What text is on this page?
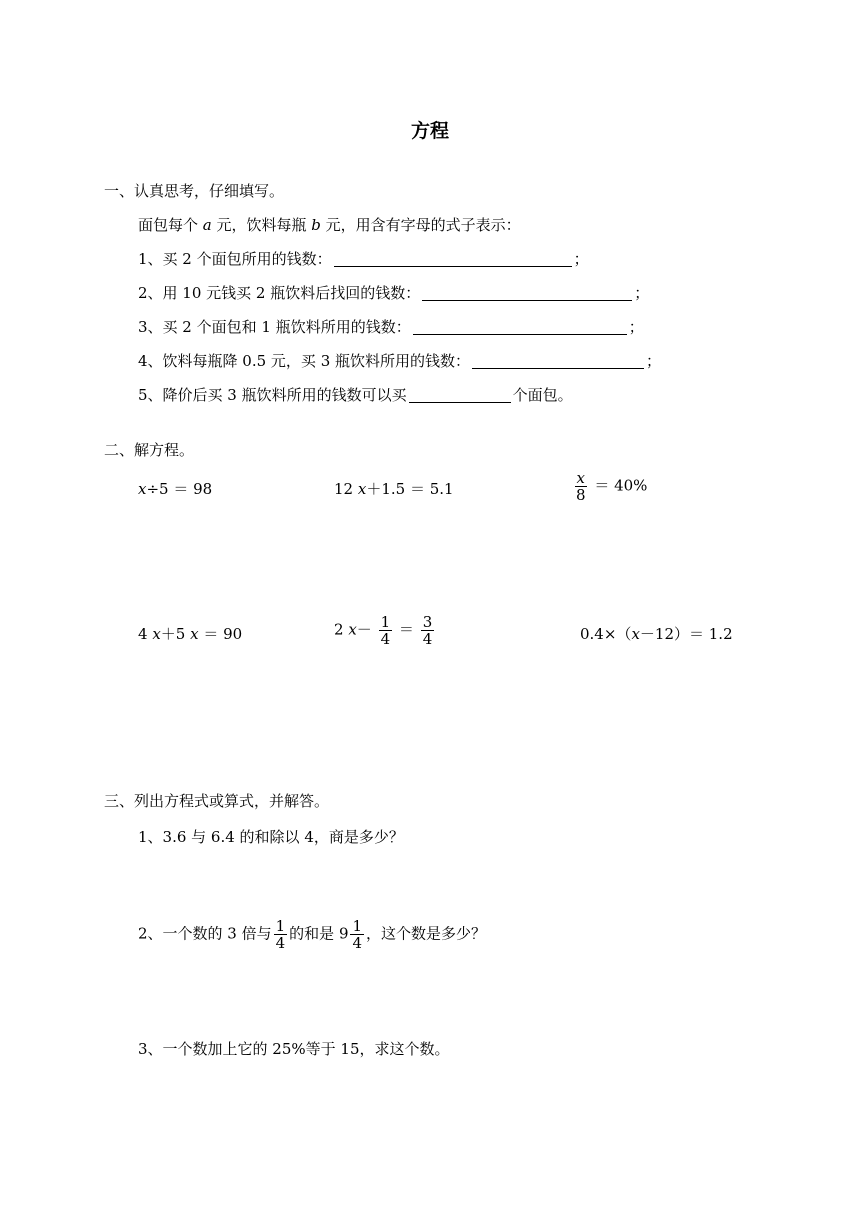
方程
一、认真思考，仔细填写。
面包每个 a 元，饮料每瓶 b 元，用含有字母的式子表示：
1、买 2 个面包所用的钱数：	；
2、用 10 元钱买 2 瓶饮料后找回的钱数：	；
3、买 2 个面包和 1 瓶饮料所用的钱数：	；
4、饮料每瓶降 0.5 元，买 3 瓶饮料所用的钱数：	；
5、降价后买 3 瓶饮料所用的钱数可以买	个面包。
二、解方程。
x÷5 ＝ 98	12 x＋1.5 ＝ 5.1	$\frac{x}{8} = 40\%$
4 x＋5 x ＝ 90	2 $x- \frac{1}{4} = \frac{3}{4}$	0.4×（x－12）＝ 1.2
三、列出方程式或算式，并解答。
1、3.6 与 6.4 的和除以 4，商是多少？
2、一个数的 3 倍与 $\frac{1}{4}$ 的和是 $9 \frac{1}{4}$ ，这个数是多少？
3、一个数加上它的 25%等于 15，求这个数。
